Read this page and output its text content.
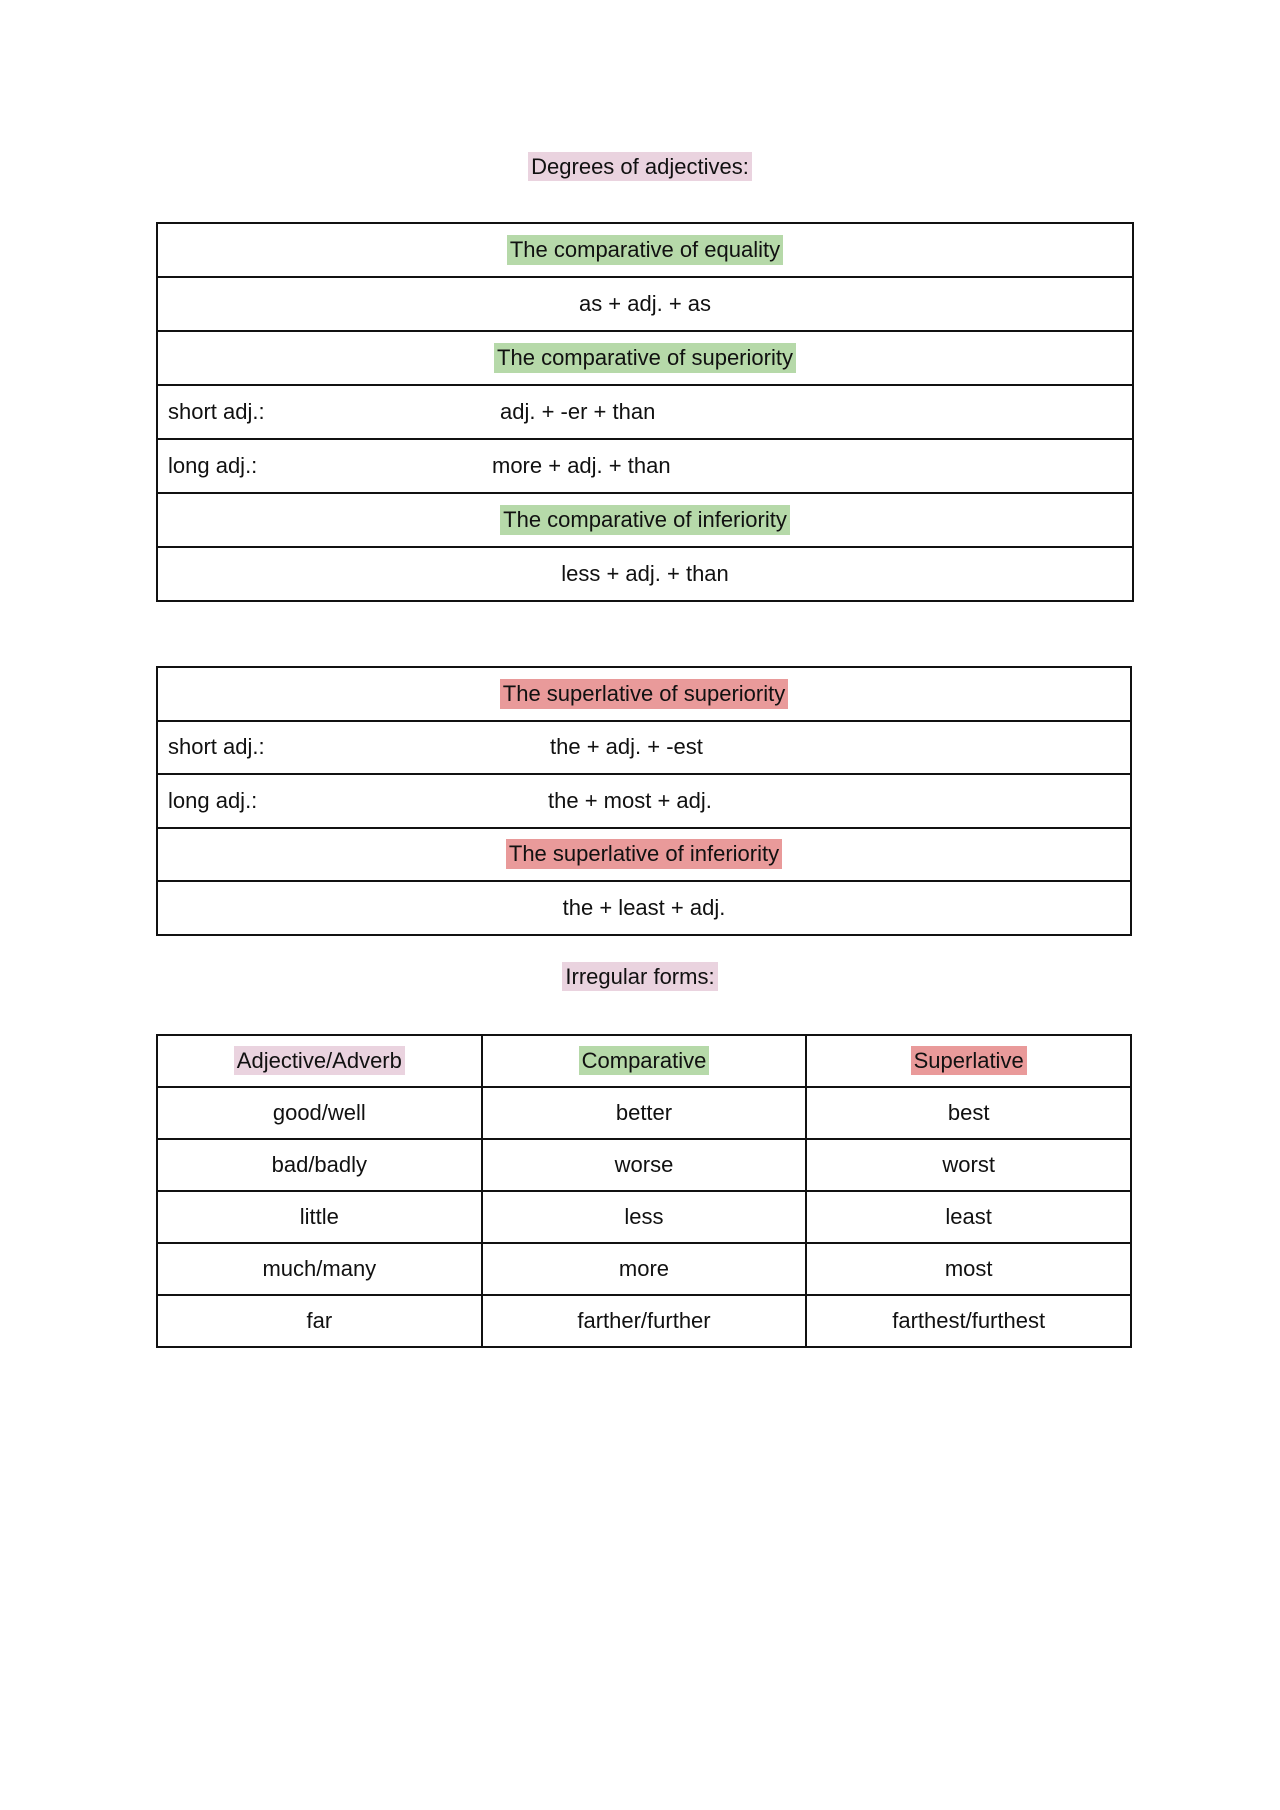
Degrees of adjectives:
The comparative of equality
as + adj. + as
The comparative of superiority
short adj.:	adj. + -er + than
long adj.:	more + adj. + than
The comparative of inferiority
less + adj. + than
The superlative of superiority
short adj.:	the + adj. + -est
long adj.:	the + most + adj.
The superlative of inferiority
the + least + adj.
Irregular forms:
Adjective/Adverb	Comparative	Superlative
good/well	better	best
bad/badly	worse	worst
little	less	least
much/many	more	most
far	farther/further	farthest/furthest
